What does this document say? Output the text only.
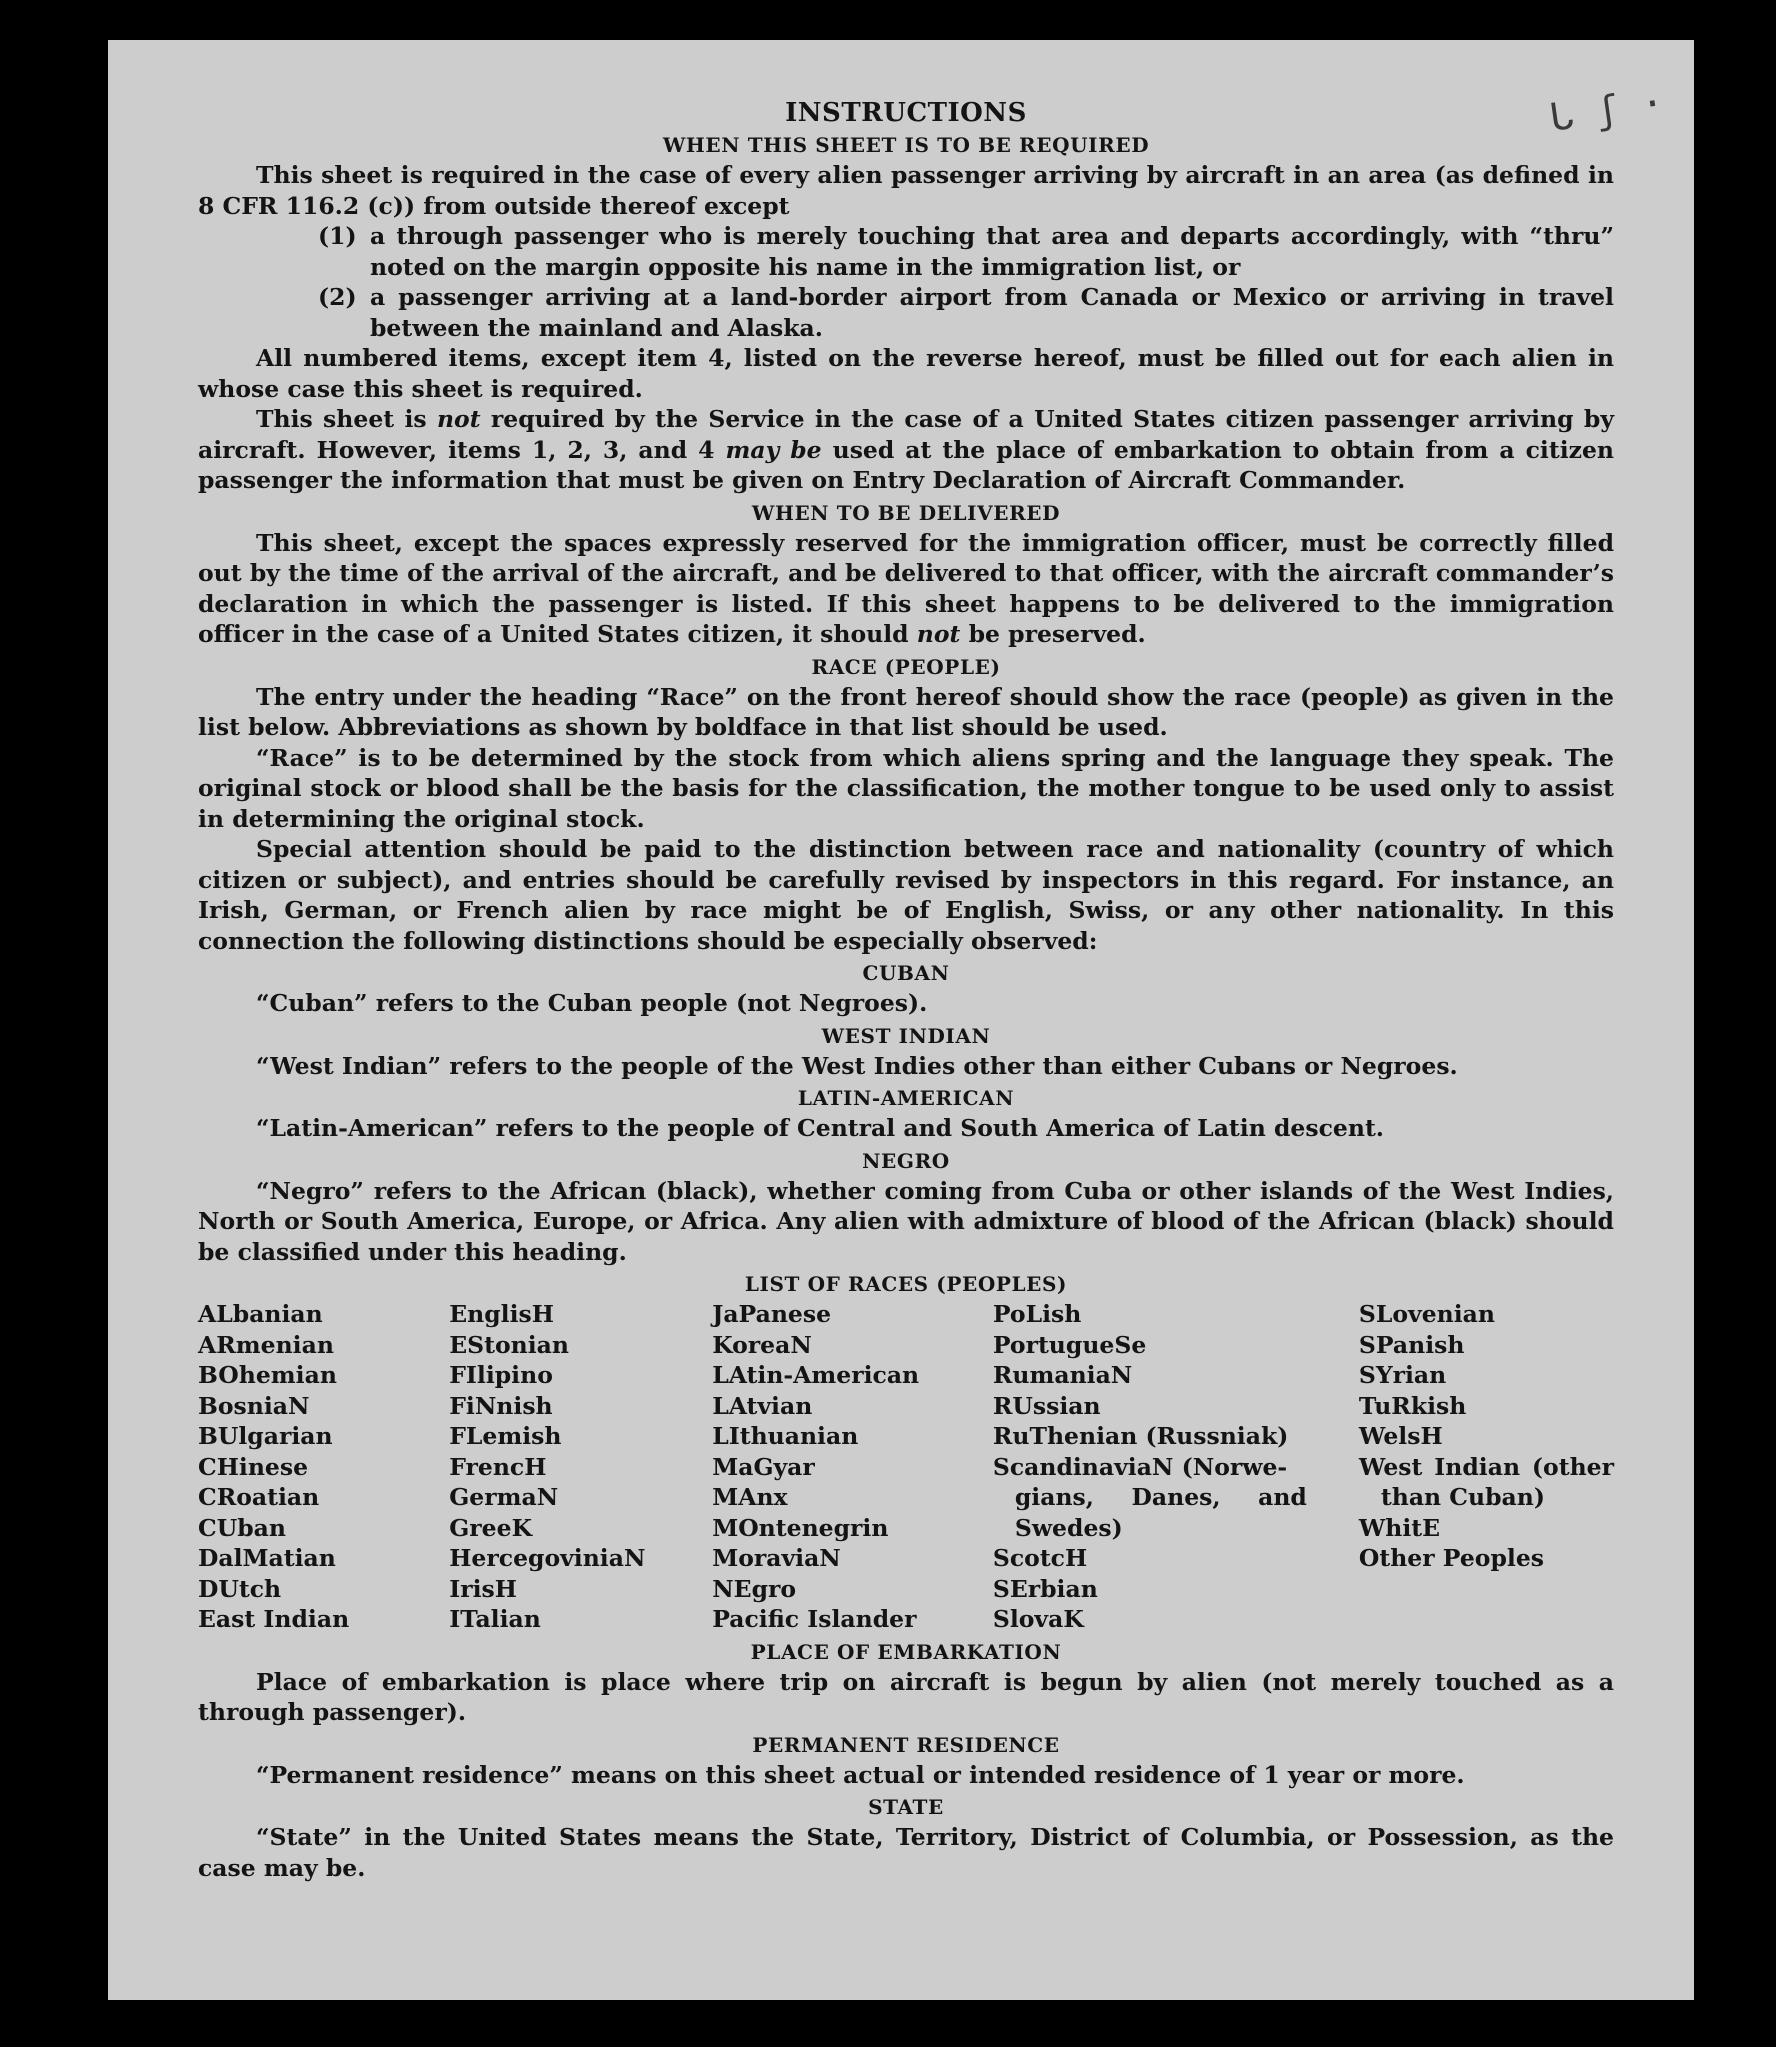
ᒐ ʃ ·
INSTRUCTIONS
WHEN THIS SHEET IS TO BE REQUIRED

This sheet is required in the case of every alien passenger arriving by aircraft in an area (as defined in 8 CFR 116.2 (c)) from outside thereof except

(1) a through passenger who is merely touching that area and departs accordingly, with “thru” noted on the margin opposite his name in the immigration list, or

(2) a passenger arriving at a land-border airport from Canada or Mexico or arriving in travel between the mainland and Alaska.

All numbered items, except item 4, listed on the reverse hereof, must be filled out for each alien in whose case this sheet is required.

This sheet is not required by the Service in the case of a United States citizen passenger arriving by aircraft. However, items 1, 2, 3, and 4 may be used at the place of embarkation to obtain from a citizen passenger the information that must be given on Entry Declaration of Aircraft Commander.

WHEN TO BE DELIVERED

This sheet, except the spaces expressly reserved for the immigration officer, must be correctly filled out by the time of the arrival of the aircraft, and be delivered to that officer, with the aircraft commander’s declaration in which the passenger is listed. If this sheet happens to be delivered to the immigration officer in the case of a United States citizen, it should not be preserved.

RACE (PEOPLE)

The entry under the heading “Race” on the front hereof should show the race (people) as given in the list below. Abbreviations as shown by boldface in that list should be used.

“Race” is to be determined by the stock from which aliens spring and the language they speak. The original stock or blood shall be the basis for the classification, the mother tongue to be used only to assist in determining the original stock.

Special attention should be paid to the distinction between race and nationality (country of which citizen or subject), and entries should be carefully revised by inspectors in this regard. For instance, an Irish, German, or French alien by race might be of English, Swiss, or any other nationality. In this connection the following distinctions should be especially observed:

CUBAN

“Cuban” refers to the Cuban people (not Negroes).

WEST INDIAN

“West Indian” refers to the people of the West Indies other than either Cubans or Negroes.

LATIN-AMERICAN

“Latin-American” refers to the people of Central and South America of Latin descent.

NEGRO

“Negro” refers to the African (black), whether coming from Cuba or other islands of the West Indies, North or South America, Europe, or Africa. Any alien with admixture of blood of the African (black) should be classified under this heading.

LIST OF RACES (PEOPLES)
ALbanian
ARmenian
BOhemian
BosniaN
BUlgarian
CHinese
CRoatian
CUban
DalMatian
DUtch
East Indian
EnglisH
EStonian
FIlipino
FiNnish
FLemish
FrencH
GermaN
GreeK
HercegoviniaN
IrisH
ITalian
JaPanese
KoreaN
LAtin-American
LAtvian
LIthuanian
MaGyar
MAnx
MOntenegrin
MoraviaN
NEgro
Pacific Islander
PoLish
PortugueSe
RumaniaN
RUssian
RuThenian (Russniak)
ScandinaviaN (Norwe-
gians, Danes, and
Swedes)
ScotcH
SErbian
SlovaK
SLovenian
SPanish
SYrian
TuRkish
WelsH
West Indian (other
than Cuban)
WhitE
Other Peoples
PLACE OF EMBARKATION

Place of embarkation is place where trip on aircraft is begun by alien (not merely touched as a through passenger).

PERMANENT RESIDENCE

“Permanent residence” means on this sheet actual or intended residence of 1 year or more.

STATE

“State” in the United States means the State, Territory, District of Columbia, or Possession, as the case may be.
